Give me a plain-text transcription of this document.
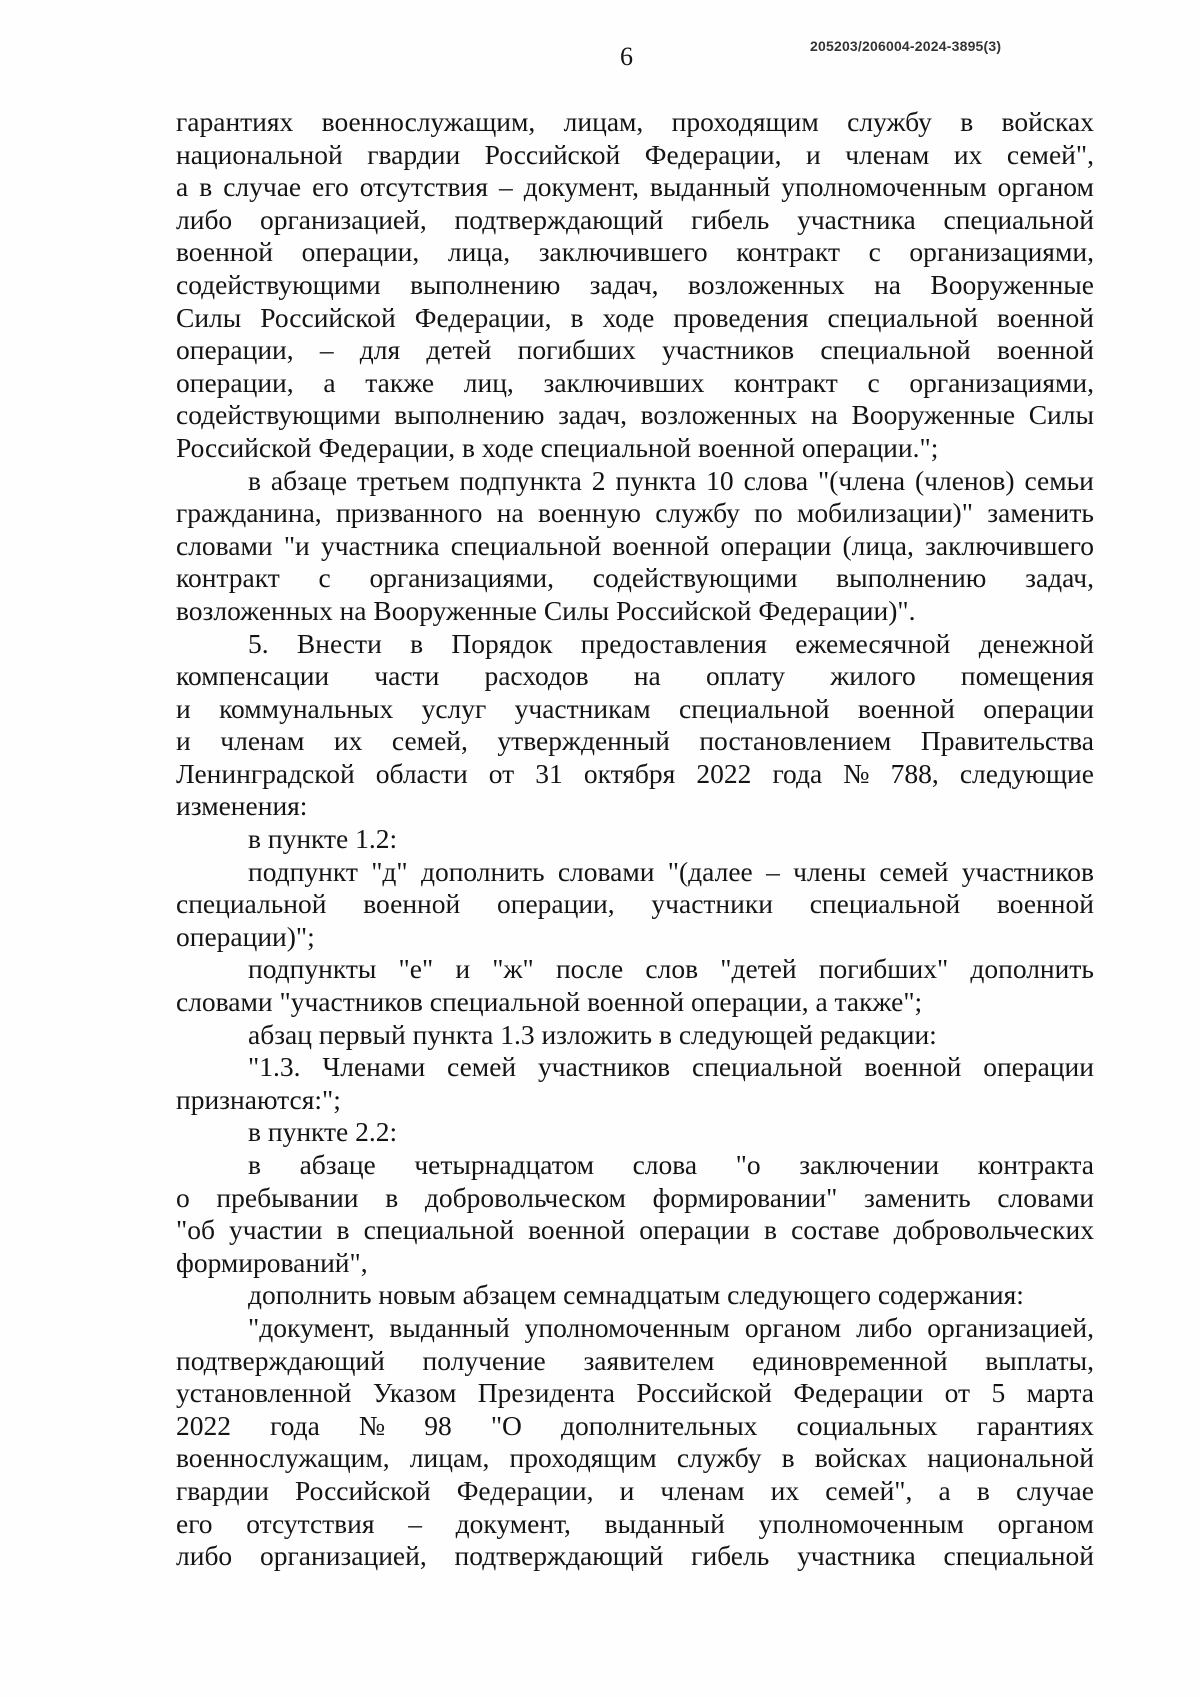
6	205203/206004-2024-3895(3)
гарантиях военнослужащим, лицам, проходящим службу в войсках
национальной гвардии Российской Федерации, и членам их семей",
а в случае его отсутствия – документ, выданный уполномоченным органом
либо организацией, подтверждающий гибель участника специальной
военной операции, лица, заключившего контракт с организациями,
содействующими выполнению задач, возложенных на Вооруженные
Силы Российской Федерации, в ходе проведения специальной военной
операции, – для детей погибших участников специальной военной
операции, а также лиц, заключивших контракт с организациями,
содействующими выполнению задач, возложенных на Вооруженные Силы
Российской Федерации, в ходе специальной военной операции.";
в абзаце третьем подпункта 2 пункта 10 слова "(члена (членов) семьи
гражданина, призванного на военную службу по мобилизации)" заменить
словами "и участника специальной военной операции (лица, заключившего
контракт с организациями, содействующими выполнению задач,
возложенных на Вооруженные Силы Российской Федерации)".
5. Внести в Порядок предоставления ежемесячной денежной
компенсации части расходов на оплату жилого помещения
и коммунальных услуг участникам специальной военной операции
и членам их семей, утвержденный постановлением Правительства
Ленинградской области от 31 октября 2022 года № 788, следующие
изменения:
в пункте 1.2:
подпункт "д" дополнить словами "(далее – члены семей участников
специальной военной операции, участники специальной военной
операции)";
подпункты "е" и "ж" после слов "детей погибших" дополнить
словами "участников специальной военной операции, а также";
абзац первый пункта 1.3 изложить в следующей редакции:
"1.3. Членами семей участников специальной военной операции
признаются:";
в пункте 2.2:
в абзаце четырнадцатом слова "о заключении контракта
о пребывании в добровольческом формировании" заменить словами
"об участии в специальной военной операции в составе добровольческих
формирований",
дополнить новым абзацем семнадцатым следующего содержания:
"документ, выданный уполномоченным органом либо организацией,
подтверждающий получение заявителем единовременной выплаты,
установленной Указом Президента Российской Федерации от 5 марта
2022 года № 98 "О дополнительных социальных гарантиях
военнослужащим, лицам, проходящим службу в войсках национальной
гвардии Российской Федерации, и членам их семей", а в случае
его отсутствия – документ, выданный уполномоченным органом
либо организацией, подтверждающий гибель участника специальной
